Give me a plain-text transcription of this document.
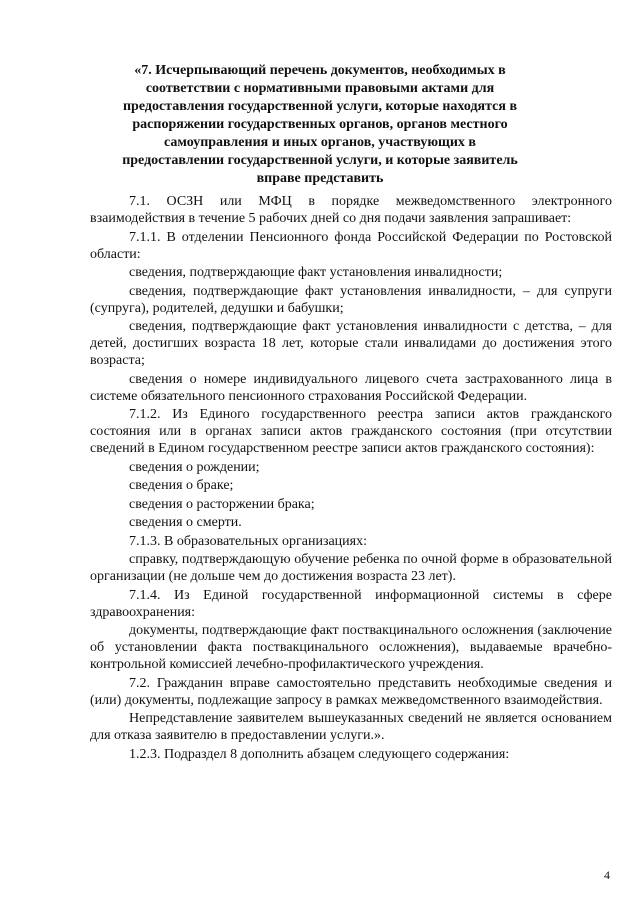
«7. Исчерпывающий перечень документов, необходимых в соответствии с нормативными правовыми актами для предоставления государственной услуги, которые находятся в распоряжении государственных органов, органов местного самоуправления и иных органов, участвующих в предоставлении государственной услуги, и которые заявитель вправе представить

7.1. ОСЗН или МФЦ в порядке межведомственного электронного взаимодействия в течение 5 рабочих дней со дня подачи заявления запрашивает:

7.1.1. В отделении Пенсионного фонда Российской Федерации по Ростовской области:

сведения, подтверждающие факт установления инвалидности;

сведения, подтверждающие факт установления инвалидности, – для супруги (супруга), родителей, дедушки и бабушки;

сведения, подтверждающие факт установления инвалидности с детства, – для детей, достигших возраста 18 лет, которые стали инвалидами до достижения этого возраста;

сведения о номере индивидуального лицевого счета застрахованного лица в системе обязательного пенсионного страхования Российской Федерации.

7.1.2. Из Единого государственного реестра записи актов гражданского состояния или в органах записи актов гражданского состояния (при отсутствии сведений в Едином государственном реестре записи актов гражданского состояния):

сведения о рождении;

сведения о браке;

сведения о расторжении брака;

сведения о смерти.

7.1.3. В образовательных организациях:

справку, подтверждающую обучение ребенка по очной форме в образовательной организации (не дольше чем до достижения возраста 23 лет).

7.1.4. Из Единой государственной информационной системы в сфере здравоохранения:

документы, подтверждающие факт поствакцинального осложнения (заключение об установлении факта поствакцинального осложнения), выдаваемые врачебно-контрольной комиссией лечебно-профилактического учреждения.

7.2. Гражданин вправе самостоятельно представить необходимые сведения и (или) документы, подлежащие запросу в рамках межведомственного взаимодействия.

Непредставление заявителем вышеуказанных сведений не является основанием для отказа заявителю в предоставлении услуги.».

1.2.3. Подраздел 8 дополнить абзацем следующего содержания:

4
